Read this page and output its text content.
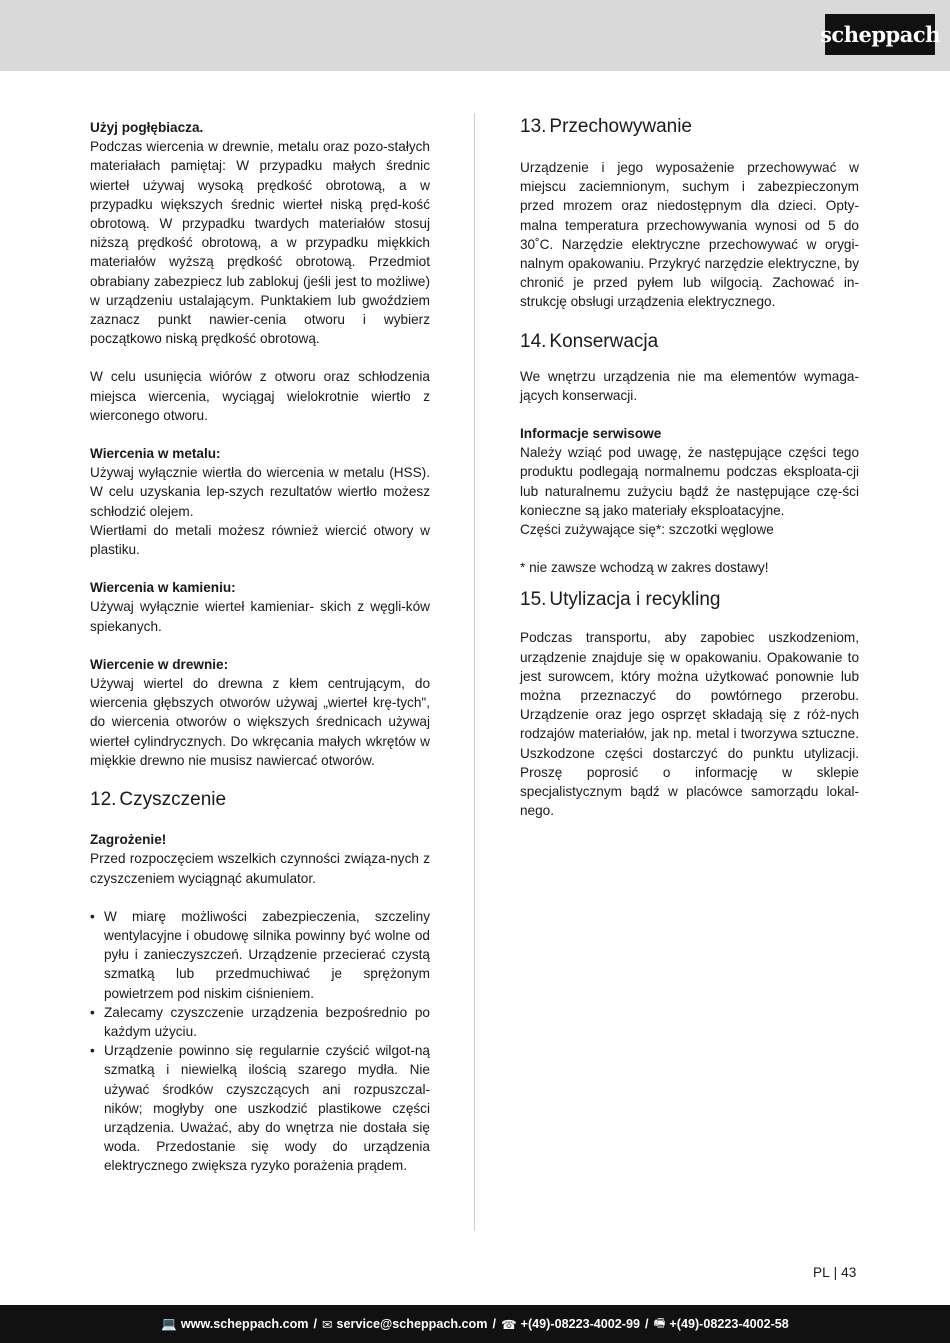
scheppach

Użyj pogłębiacza.

Podczas wiercenia w drewnie, metalu oraz pozo-stałych materiałach pamiętaj: W przypadku małych średnic wierteł używaj wysoką prędkość obrotową, a w przypadku większych średnic wierteł niską pręd-kość obrotową. W przypadku twardych materiałów stosuj niższą prędkość obrotową, a w przypadku miękkich materiałów wyższą prędkość obrotową. Przedmiot obrabiany zabezpiecz lub zablokuj (jeśli jest to możliwe) w urządzeniu ustalającym. Punktakiem lub gwoździem zaznacz punkt nawier-cenia otworu i wybierz początkowo niską prędkość obrotową.

W celu usunięcia wiórów z otworu oraz schłodzenia miejsca wiercenia, wyciągaj wielokrotnie wiertło z wierconego otworu.

Wiercenia w metalu:

Używaj wyłącznie wiertła do wiercenia w metalu (HSS). W celu uzyskania lep-szych rezultatów wiertło możesz schłodzić olejem.

Wiertłami do metali możesz również wiercić otwory w plastiku.

Wiercenia w kamieniu:

Używaj wyłącznie wierteł kamieniar- skich z węgli-ków spiekanych.

Wiercenie w drewnie:

Używaj wiertel do drewna z kłem centrującym, do wiercenia głębszych otworów używaj „wierteł krę-tych", do wiercenia otworów o większych średnicach używaj wierteł cylindrycznych. Do wkręcania małych wkrętów w miękkie drewno nie musisz nawiercać otworów.

12. Czyszczenie

Zagrożenie!

Przed rozpoczęciem wszelkich czynności związa-nych z czyszczeniem wyciągnąć akumulator.

• W miarę możliwości zabezpieczenia, szczeliny wentylacyjne i obudowę silnika powinny być wolne od pyłu i zanieczyszczeń. Urządzenie przecierać czystą szmatką lub przedmuchiwać je sprężonym powietrzem pod niskim ciśnieniem.
• Zalecamy czyszczenie urządzenia bezpośrednio po każdym użyciu.
• Urządzenie powinno się regularnie czyścić wilgot-ną szmatką i niewielką ilością szarego mydła. Nie używać środków czyszczących ani rozpuszczal-ników; mogłyby one uszkodzić plastikowe części urządzenia. Uważać, aby do wnętrza nie dostała się woda. Przedostanie się wody do urządzenia elektrycznego zwiększa ryzyko porażenia prądem.
13. Przechowywanie

Urządzenie i jego wyposażenie przechowywać w miejscu zaciemnionym, suchym i zabezpieczonym przed mrozem oraz niedostępnym dla dzieci. Opty-malna temperatura przechowywania wynosi od 5 do 30˚C. Narzędzie elektryczne przechowywać w orygi-nalnym opakowaniu. Przykryć narzędzie elektryczne, by chronić je przed pyłem lub wilgocią. Zachować in-strukcję obsługi urządzenia elektrycznego.

14. Konserwacja

We wnętrzu urządzenia nie ma elementów wymaga-jących konserwacji.

Informacje serwisowe

Należy wziąć pod uwagę, że następujące części tego produktu podlegają normalnemu podczas eksploata-cji lub naturalnemu zużyciu bądź że następujące czę-ści konieczne są jako materiały eksploatacyjne.

Części zużywające się*: szczotki węglowe

* nie zawsze wchodzą w zakres dostawy!

15. Utylizacja i recykling

Podczas transportu, aby zapobiec uszkodzeniom, urządzenie znajduje się w opakowaniu. Opakowanie to jest surowcem, który można użytkować ponownie lub można przeznaczyć do powtórnego przerobu. Urządzenie oraz jego osprzęt składają się z róż-nych rodzajów materiałów, jak np. metal i tworzywa sztuczne. Uszkodzone części dostarczyć do punktu utylizacji. Proszę poprosić o informację w sklepie specjalistycznym bądź w placówce samorządu lokal-nego.

PL | 43
💻 www.scheppach.com / ✉ service@scheppach.com / ☎ +(49)-08223-4002-99 / 🖷 +(49)-08223-4002-58
